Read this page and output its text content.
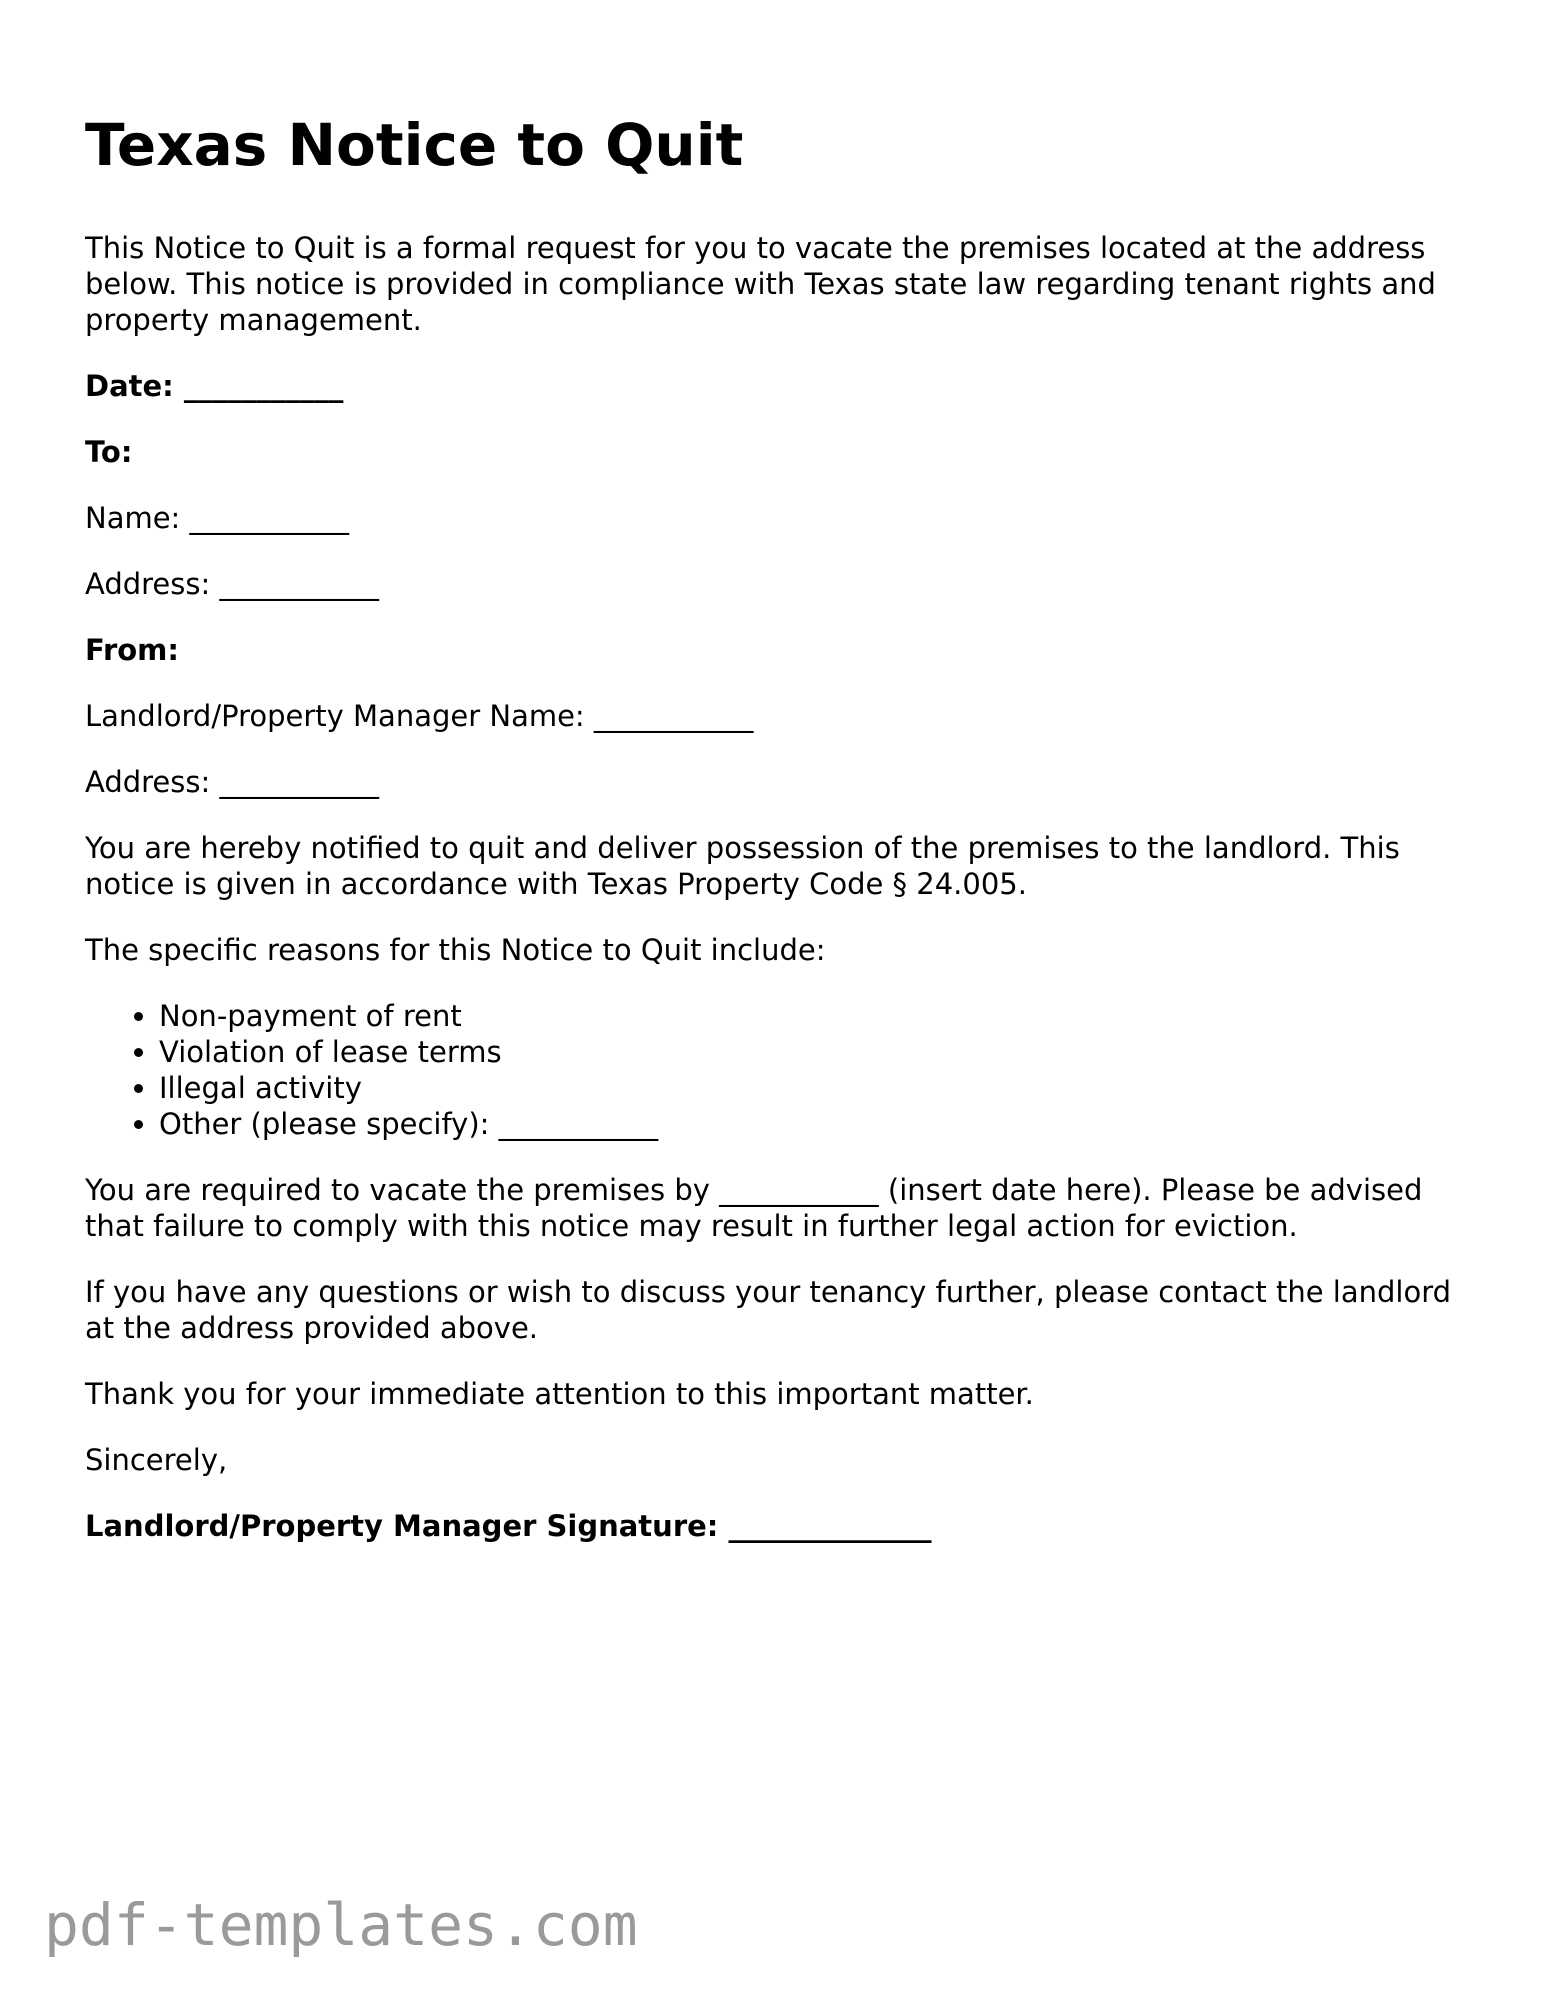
Texas Notice to Quit

This Notice to Quit is a formal request for you to vacate the premises located at the address below. This notice is provided in compliance with Texas state law regarding tenant rights and property management.

Date: ___________

To:

Name: ___________

Address: ___________

From:

Landlord/Property Manager Name: ___________

Address: ___________

You are hereby notified to quit and deliver possession of the premises to the landlord. This notice is given in accordance with Texas Property Code § 24.005.

The specific reasons for this Notice to Quit include:

• Non-payment of rent
• Violation of lease terms
• Illegal activity
• Other (please specify): ___________

You are required to vacate the premises by ___________ (insert date here). Please be advised that failure to comply with this notice may result in further legal action for eviction.

If you have any questions or wish to discuss your tenancy further, please contact the landlord at the address provided above.

Thank you for your immediate attention to this important matter.

Sincerely,

Landlord/Property Manager Signature: ______________

pdf-templates.com
